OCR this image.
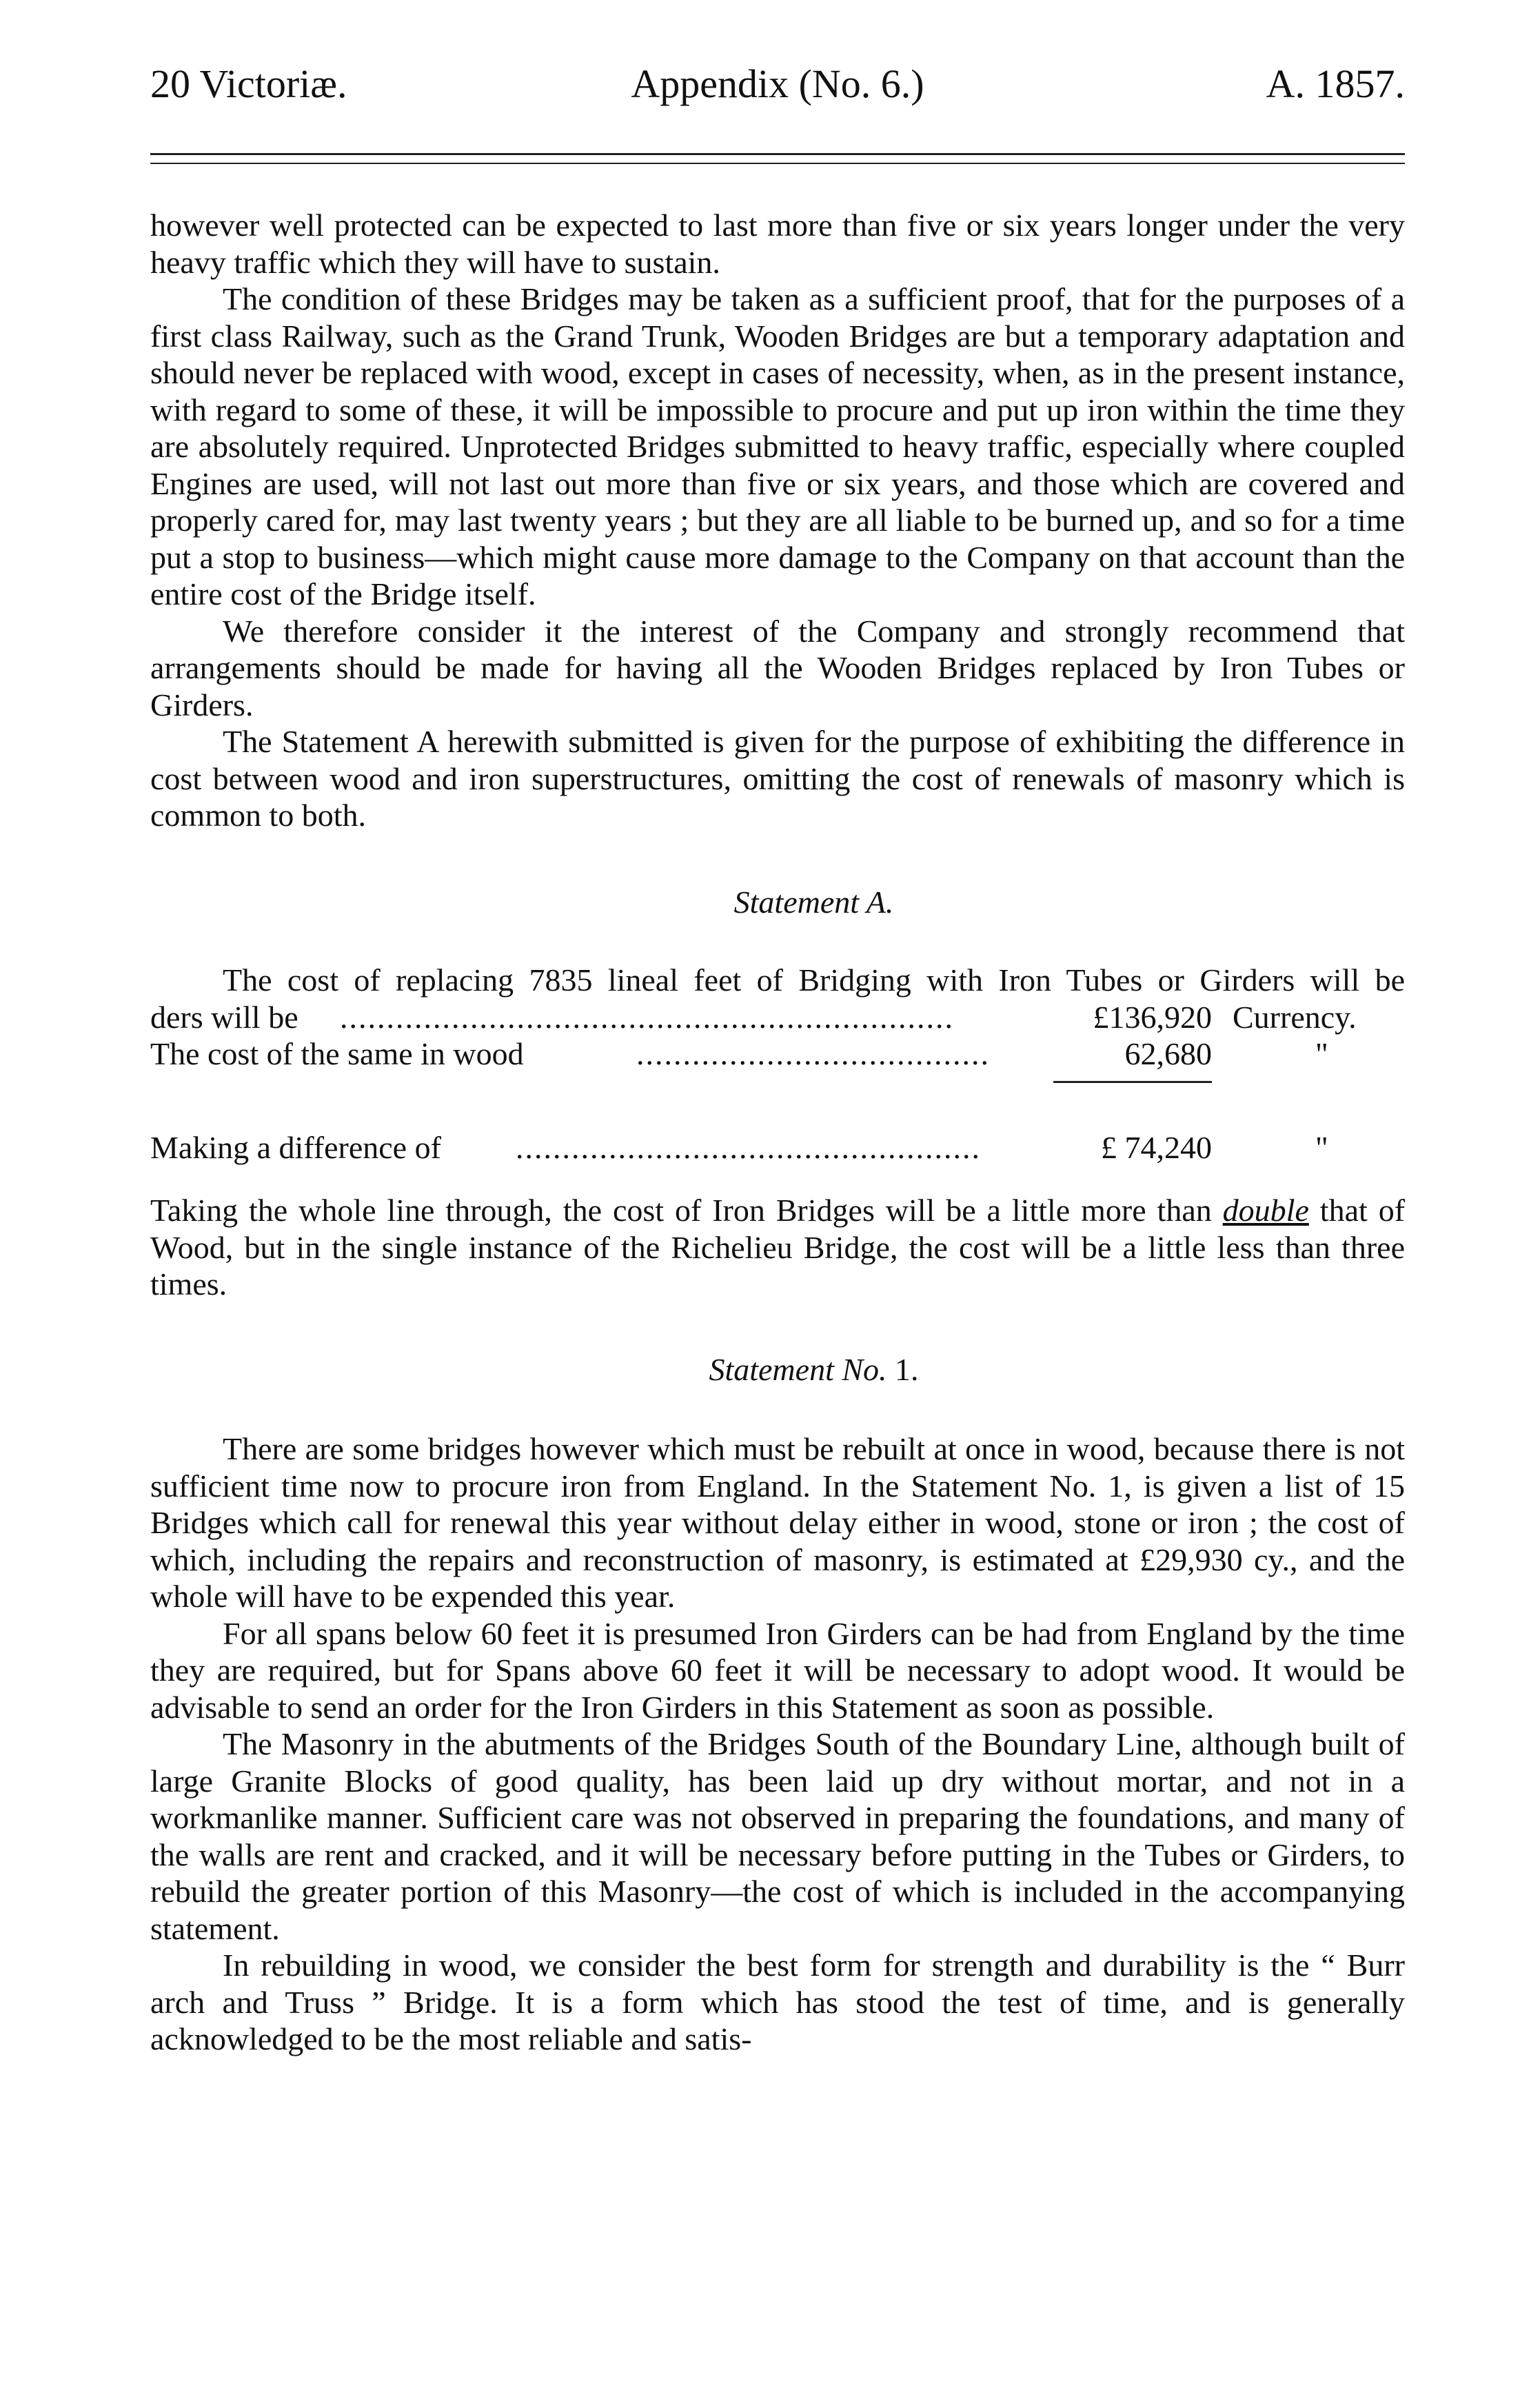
20 Victoriæ.	Appendix (No. 6.)	A. 1857.

however well protected can be expected to last more than five or six years longer under the very heavy traffic which they will have to sustain.

The condition of these Bridges may be taken as a sufficient proof, that for the purposes of a first class Railway, such as the Grand Trunk, Wooden Bridges are but a temporary adaptation and should never be replaced with wood, except in cases of necessity, when, as in the present instance, with regard to some of these, it will be impossible to procure and put up iron within the time they are absolutely required. Unprotected Bridges submitted to heavy traffic, especially where coupled Engines are used, will not last out more than five or six years, and those which are covered and properly cared for, may last twenty years ; but they are all liable to be burned up, and so for a time put a stop to business—which might cause more damage to the Company on that account than the entire cost of the Bridge itself.

We therefore consider it the interest of the Company and strongly recommend that arrangements should be made for having all the Wooden Bridges replaced by Iron Tubes or Girders.

The Statement A herewith submitted is given for the purpose of exhibiting the difference in cost between wood and iron superstructures, omitting the cost of renewals of masonry which is common to both.

Statement A.

The cost of replacing 7835 lineal feet of Bridging with Iron Tubes or Girders will be

ders will be ..................................................................	£136,920 Currency.
The cost of the same in wood	......................................	62,680	"
Making a difference of ..................................................	£ 74,240	"

Taking the whole line through, the cost of Iron Bridges will be a little more than double that of Wood, but in the single instance of the Richelieu Bridge, the cost will be a little less than three times.

Statement No. 1.

There are some bridges however which must be rebuilt at once in wood, because there is not sufficient time now to procure iron from England. In the Statement No. 1, is given a list of 15 Bridges which call for renewal this year without delay either in wood, stone or iron ; the cost of which, including the repairs and reconstruction of masonry, is estimated at £29,930 cy., and the whole will have to be expended this year.

For all spans below 60 feet it is presumed Iron Girders can be had from England by the time they are required, but for Spans above 60 feet it will be necessary to adopt wood. It would be advisable to send an order for the Iron Girders in this Statement as soon as possible.

The Masonry in the abutments of the Bridges South of the Boundary Line, although built of large Granite Blocks of good quality, has been laid up dry without mortar, and not in a workmanlike manner. Sufficient care was not observed in preparing the foundations, and many of the walls are rent and cracked, and it will be necessary before putting in the Tubes or Girders, to rebuild the greater portion of this Masonry—the cost of which is included in the accompanying statement.

In rebuilding in wood, we consider the best form for strength and durability is the “ Burr arch and Truss ” Bridge. It is a form which has stood the test of time, and is generally acknowledged to be the most reliable and satis-
